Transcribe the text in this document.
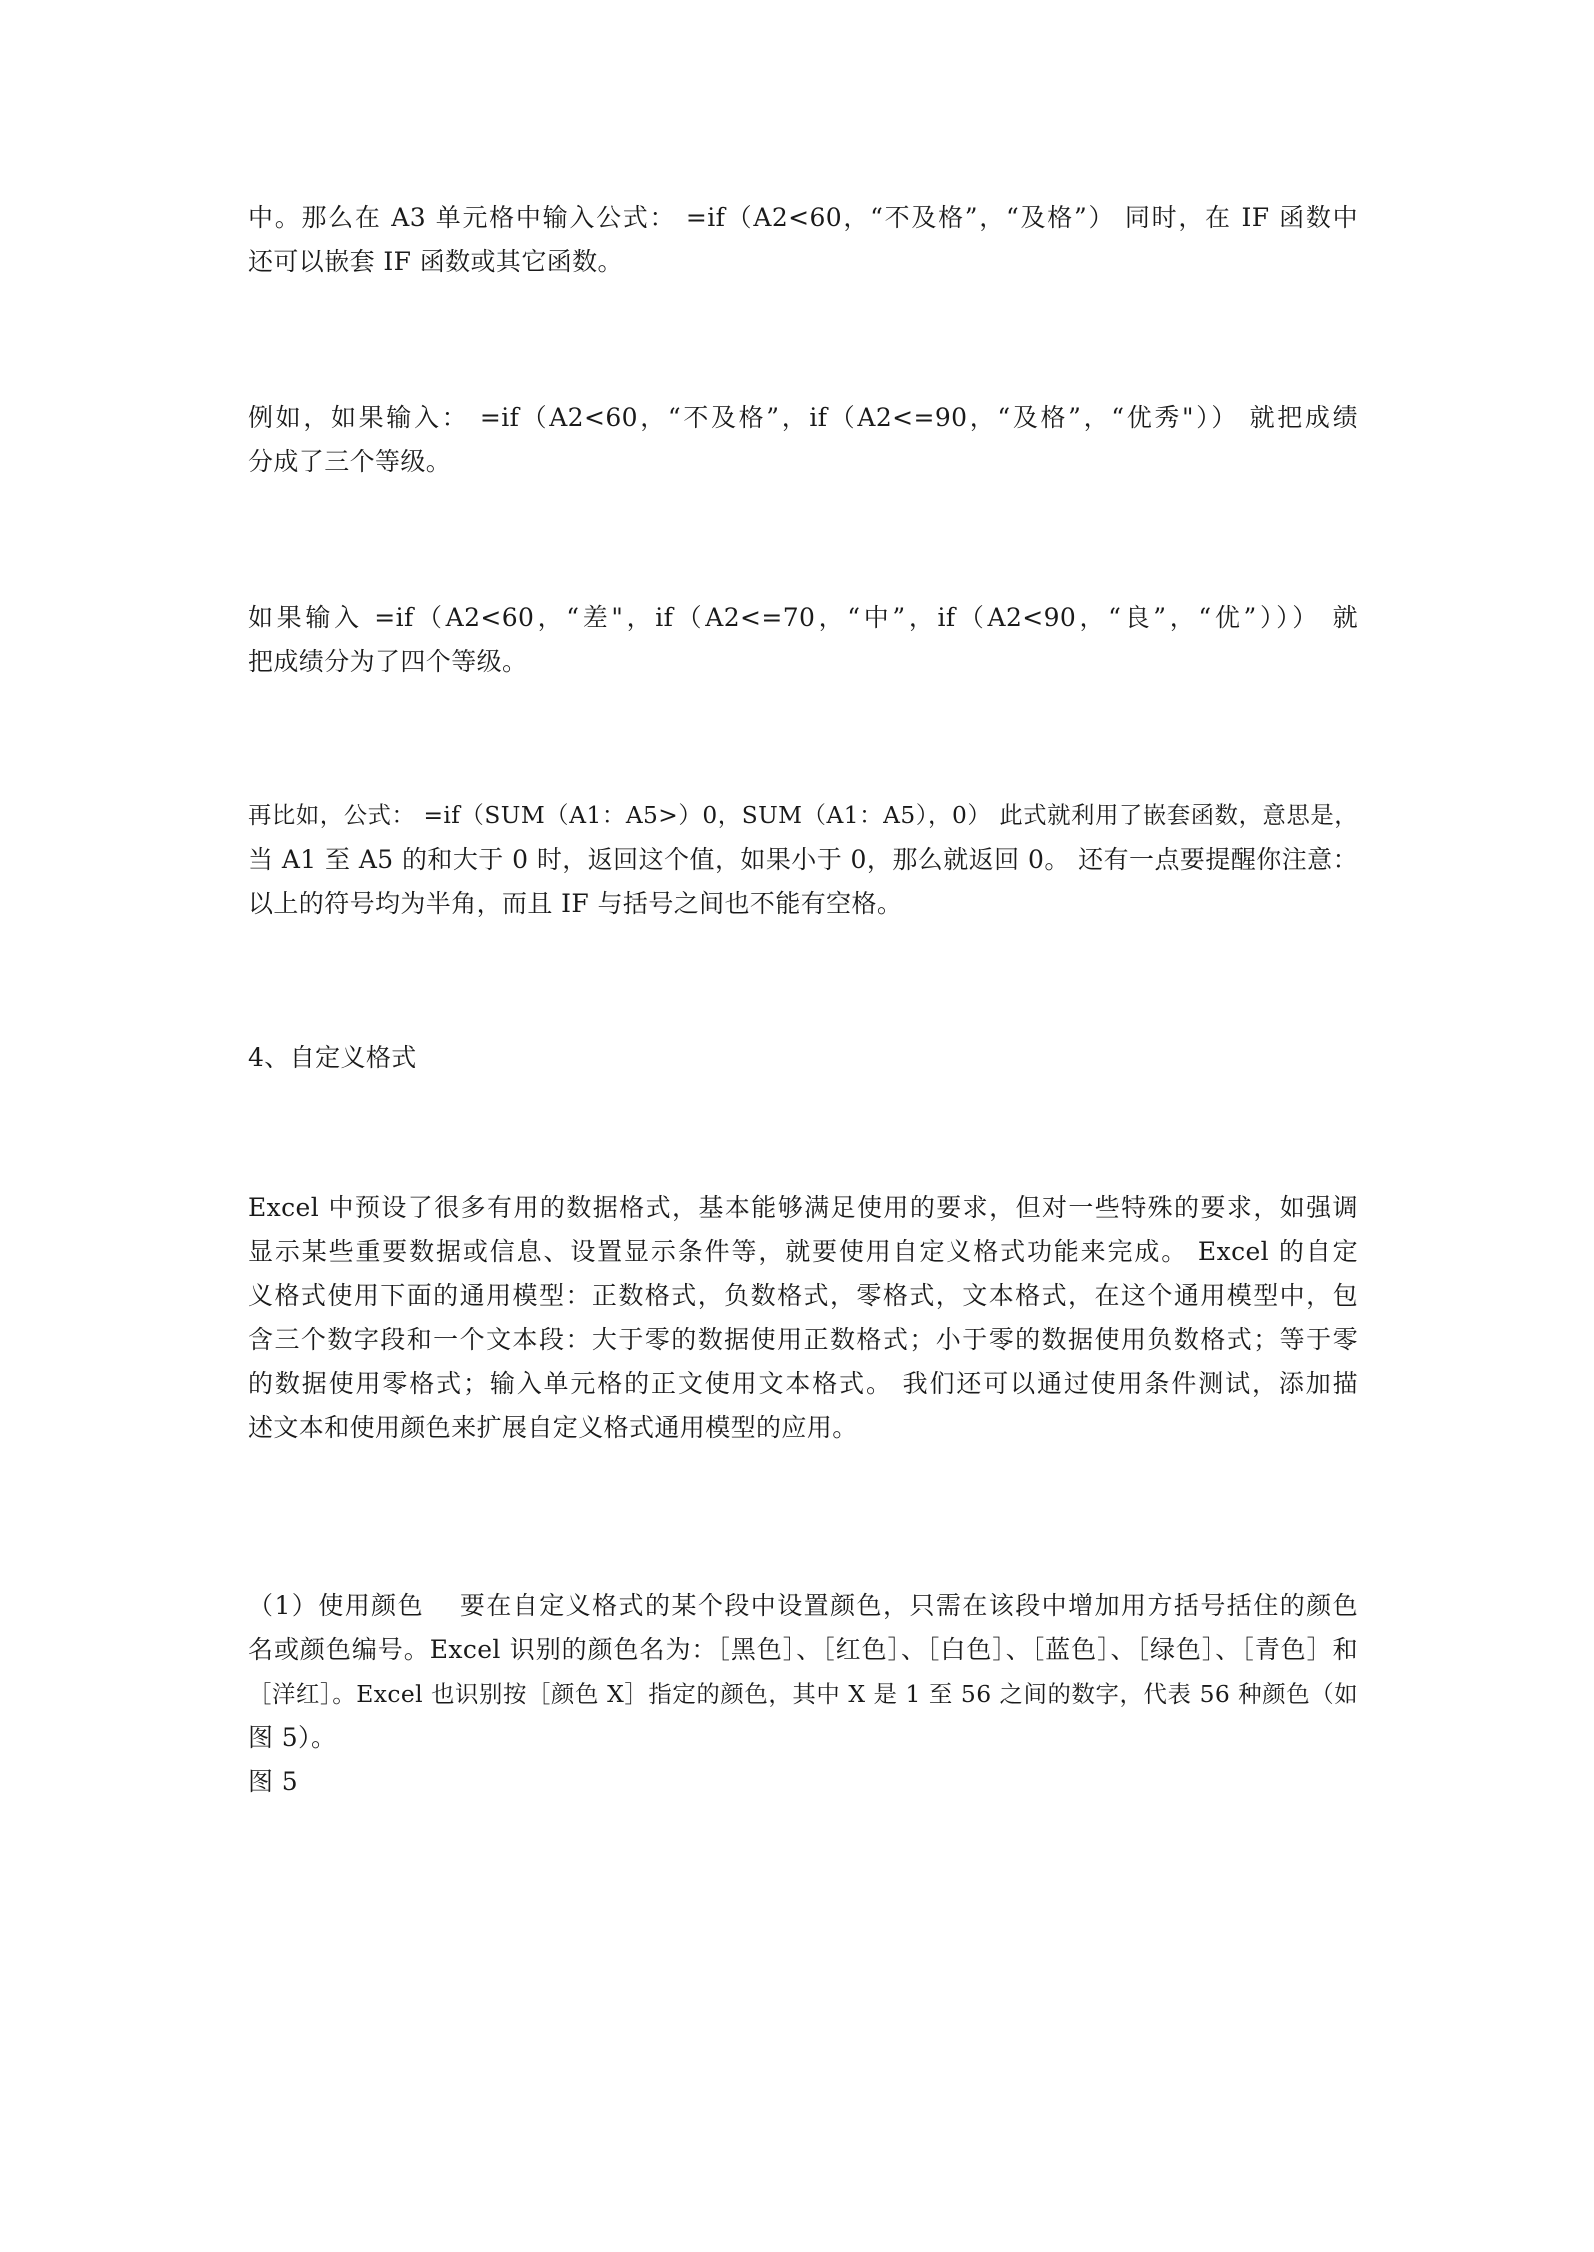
中。那么在 A3 单元格中输入公式： =if（A2<60，“不及格”，“及格”） 同时，在 IF 函数中
还可以嵌套 IF 函数或其它函数。

例如，如果输入： =if（A2<60，“不及格”，if（A2<=90，“及格”，“优秀"）） 就把成绩
分成了三个等级。

如果输入 =if（A2<60，“差"，if（A2<=70，“中”，if（A2<90，“良”，“优”））） 就
把成绩分为了四个等级。

再比如，公式： =if（SUM（A1：A5>）0，SUM（A1：A5），0） 此式就利用了嵌套函数，意思是，
当 A1 至 A5 的和大于 0 时，返回这个值，如果小于 0，那么就返回 0。 还有一点要提醒你注意：
以上的符号均为半角，而且 IF 与括号之间也不能有空格。

4、自定义格式

Excel 中预设了很多有用的数据格式，基本能够满足使用的要求，但对一些特殊的要求，如强调
显示某些重要数据或信息、设置显示条件等，就要使用自定义格式功能来完成。 Excel 的自定
义格式使用下面的通用模型：正数格式，负数格式，零格式，文本格式，在这个通用模型中，包
含三个数字段和一个文本段：大于零的数据使用正数格式；小于零的数据使用负数格式；等于零
的数据使用零格式；输入单元格的正文使用文本格式。 我们还可以通过使用条件测试，添加描
述文本和使用颜色来扩展自定义格式通用模型的应用。

（1）使用颜色　 要在自定义格式的某个段中设置颜色，只需在该段中增加用方括号括住的颜色
名或颜色编号。Excel 识别的颜色名为：［黑色］、［红色］、［白色］、［蓝色］、［绿色］、［青色］和
［洋红］。Excel 也识别按［颜色 X］指定的颜色，其中 X 是 1 至 56 之间的数字，代表 56 种颜色（如
图 5）。

图 5
